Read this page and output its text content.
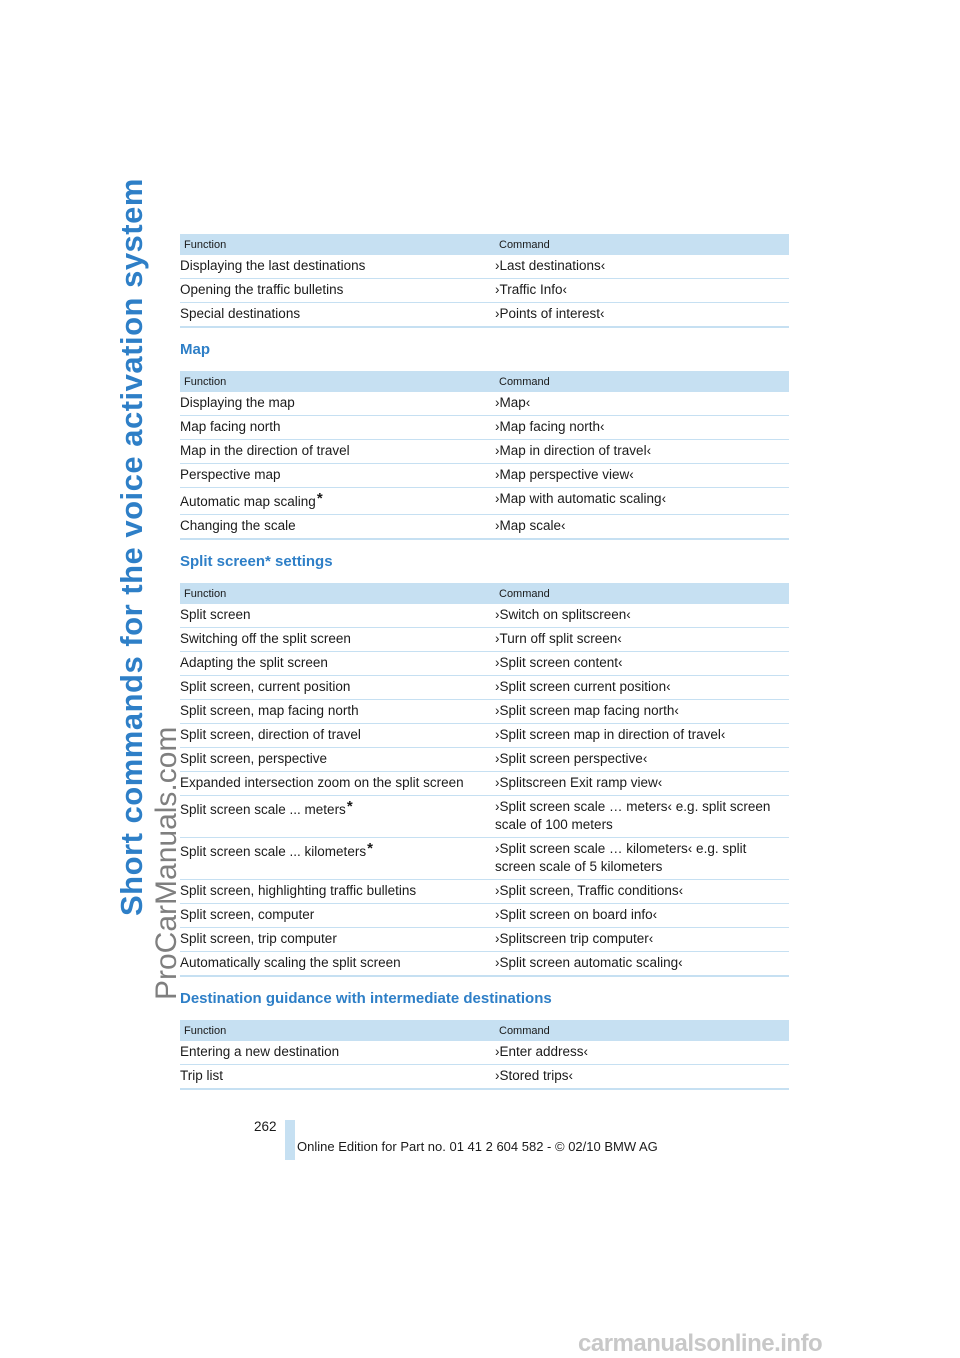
Short commands for the voice activation system ProCarManuals.com
Function	Command
Displaying the last destinations	›Last destinations‹
Opening the traffic bulletins	›Traffic Info‹
Special destinations	›Points of interest‹
Map
Function	Command
Displaying the map	›Map‹
Map facing north	›Map facing north‹
Map in the direction of travel	›Map in direction of travel‹
Perspective map	›Map perspective view‹
Automatic map scaling*	›Map with automatic scaling‹
Changing the scale	›Map scale‹
Split screen* settings
Function	Command
Split screen	›Switch on splitscreen‹
Switching off the split screen	›Turn off split screen‹
Adapting the split screen	›Split screen content‹
Split screen, current position	›Split screen current position‹
Split screen, map facing north	›Split screen map facing north‹
Split screen, direction of travel	›Split screen map in direction of travel‹
Split screen, perspective	›Split screen perspective‹
Expanded intersection zoom on the split screen	›Splitscreen Exit ramp view‹
Split screen scale ... meters*	›Split screen scale … meters‹ e.g. split screen scale of 100 meters
Split screen scale ... kilometers*	›Split screen scale … kilometers‹ e.g. split screen scale of 5 kilometers
Split screen, highlighting traffic bulletins	›Split screen, Traffic conditions‹
Split screen, computer	›Split screen on board info‹
Split screen, trip computer	›Splitscreen trip computer‹
Automatically scaling the split screen	›Split screen automatic scaling‹
Destination guidance with intermediate destinations
Function	Command
Entering a new destination	›Enter address‹
Trip list	›Stored trips‹
262
Online Edition for Part no. 01 41 2 604 582 - © 02/10 BMW AG
carmanualsonline.info
